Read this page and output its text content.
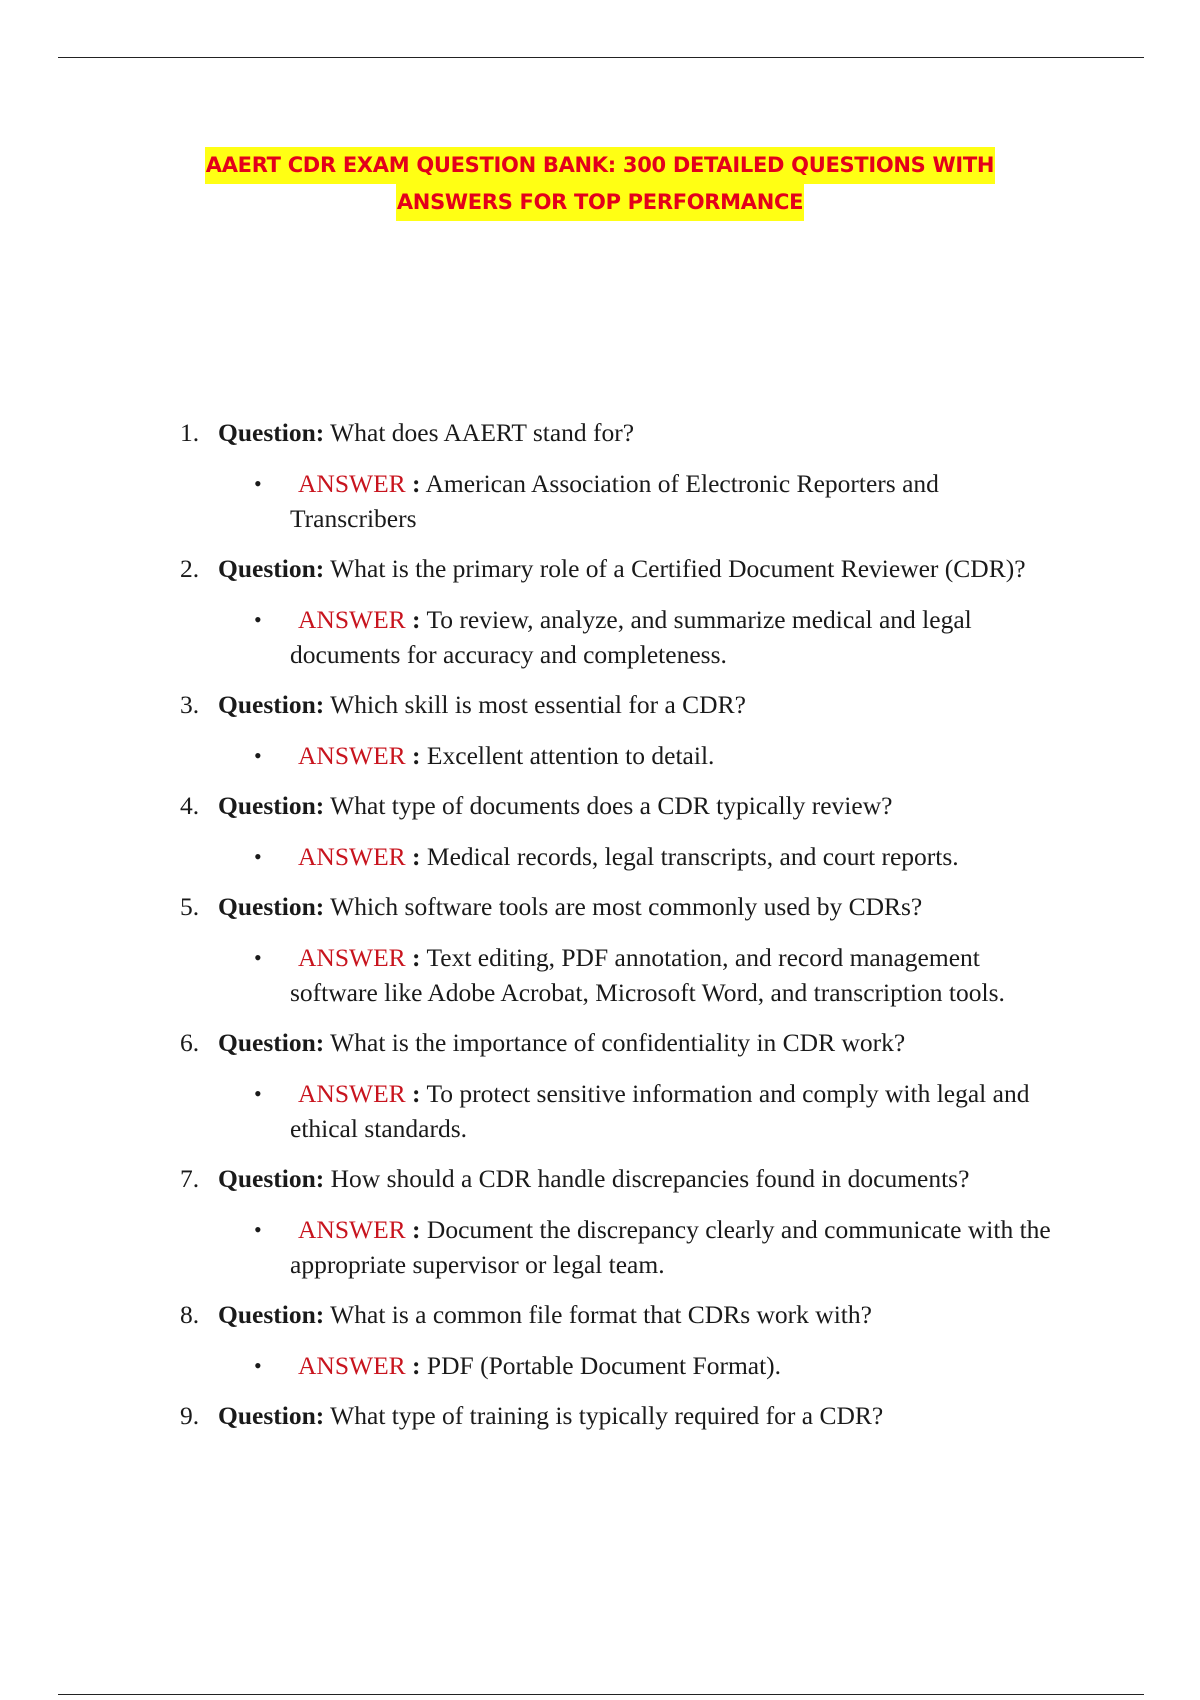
AAERT CDR EXAM QUESTION BANK: 300 DETAILED QUESTIONS WITH
ANSWERS FOR TOP PERFORMANCE
1. Question: What does AAERT stand for?
• ANSWER : American Association of Electronic Reporters and Transcribers
2. Question: What is the primary role of a Certified Document Reviewer (CDR)?
• ANSWER : To review, analyze, and summarize medical and legal documents for accuracy and completeness.
3. Question: Which skill is most essential for a CDR?
• ANSWER : Excellent attention to detail.
4. Question: What type of documents does a CDR typically review?
• ANSWER : Medical records, legal transcripts, and court reports.
5. Question: Which software tools are most commonly used by CDRs?
• ANSWER : Text editing, PDF annotation, and record management software like Adobe Acrobat, Microsoft Word, and transcription tools.
6. Question: What is the importance of confidentiality in CDR work?
• ANSWER : To protect sensitive information and comply with legal and ethical standards.
7. Question: How should a CDR handle discrepancies found in documents?
• ANSWER : Document the discrepancy clearly and communicate with the appropriate supervisor or legal team.
8. Question: What is a common file format that CDRs work with?
• ANSWER : PDF (Portable Document Format).
9. Question: What type of training is typically required for a CDR?
